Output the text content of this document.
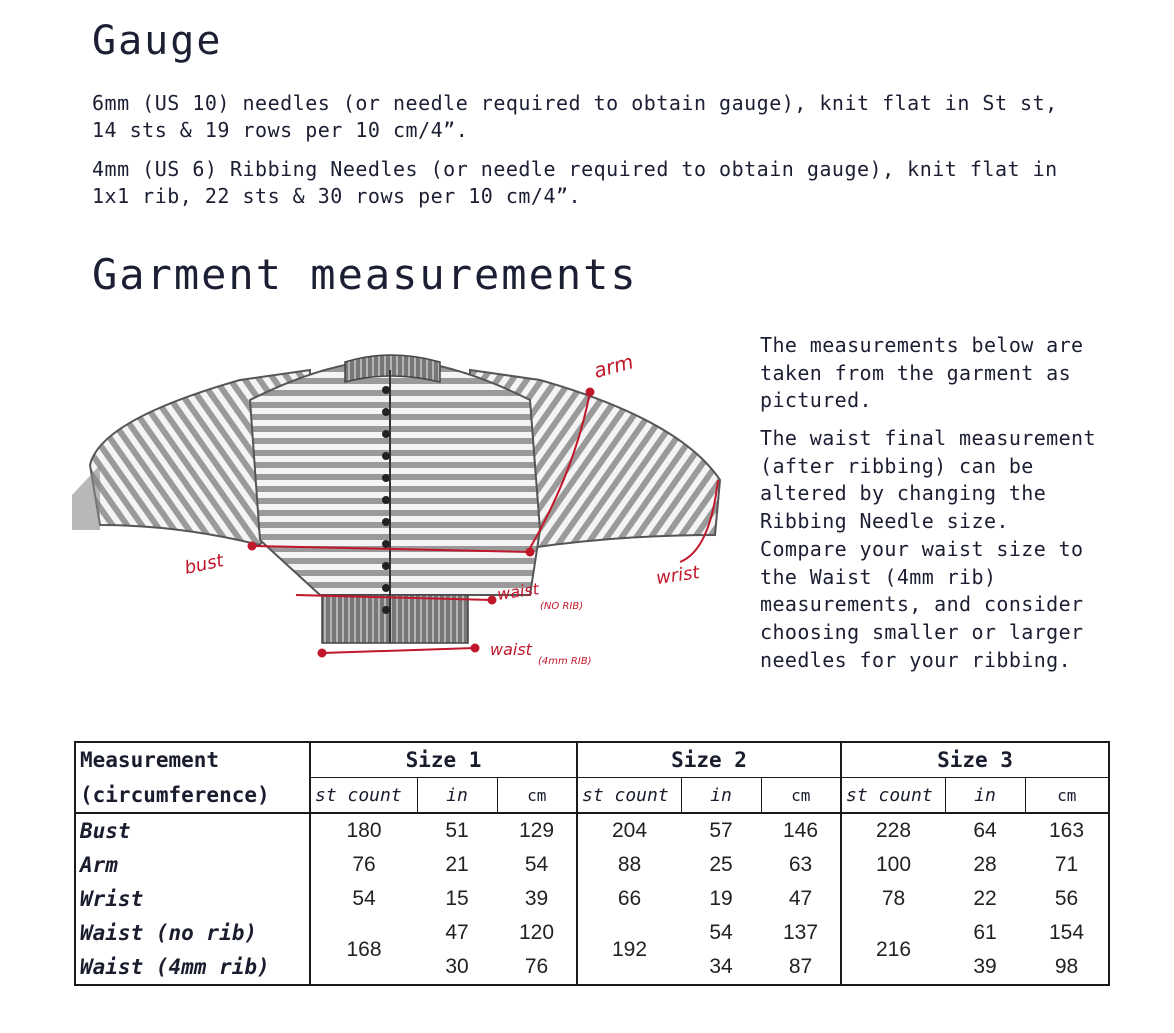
Gauge

6mm (US 10) needles (or needle required to obtain gauge), knit flat in St st, 14 sts & 19 rows per 10 cm/4”.

4mm (US 6) Ribbing Needles (or needle required to obtain gauge), knit flat in 1x1 rib, 22 sts & 30 rows per 10 cm/4”.

Garment measurements
arm
bust	wrist
waist
(NO RIB)
waist
(4mm RIB)

The measurements below are taken from the garment as pictured.

The waist final measurement (after ribbing) can be altered by changing the Ribbing Needle size. Compare your waist size to the Waist (4mm rib) measurements, and consider choosing smaller or larger needles for your ribbing.

Measurement	Size 1			Size 2			Size 3		
(circumference)	st count	in	cm	st count	in	cm	st count	in	cm
Bust	180	51	129	204	57	146	228	64	163
Arm	76	21	54	88	25	63	100	28	71
Wrist	54	15	39	66	19	47	78	22	56
Waist (no rib)	168	47	120	192	54	137	216	61	154
Waist (4mm rib)		30	76		34	87		39	98
